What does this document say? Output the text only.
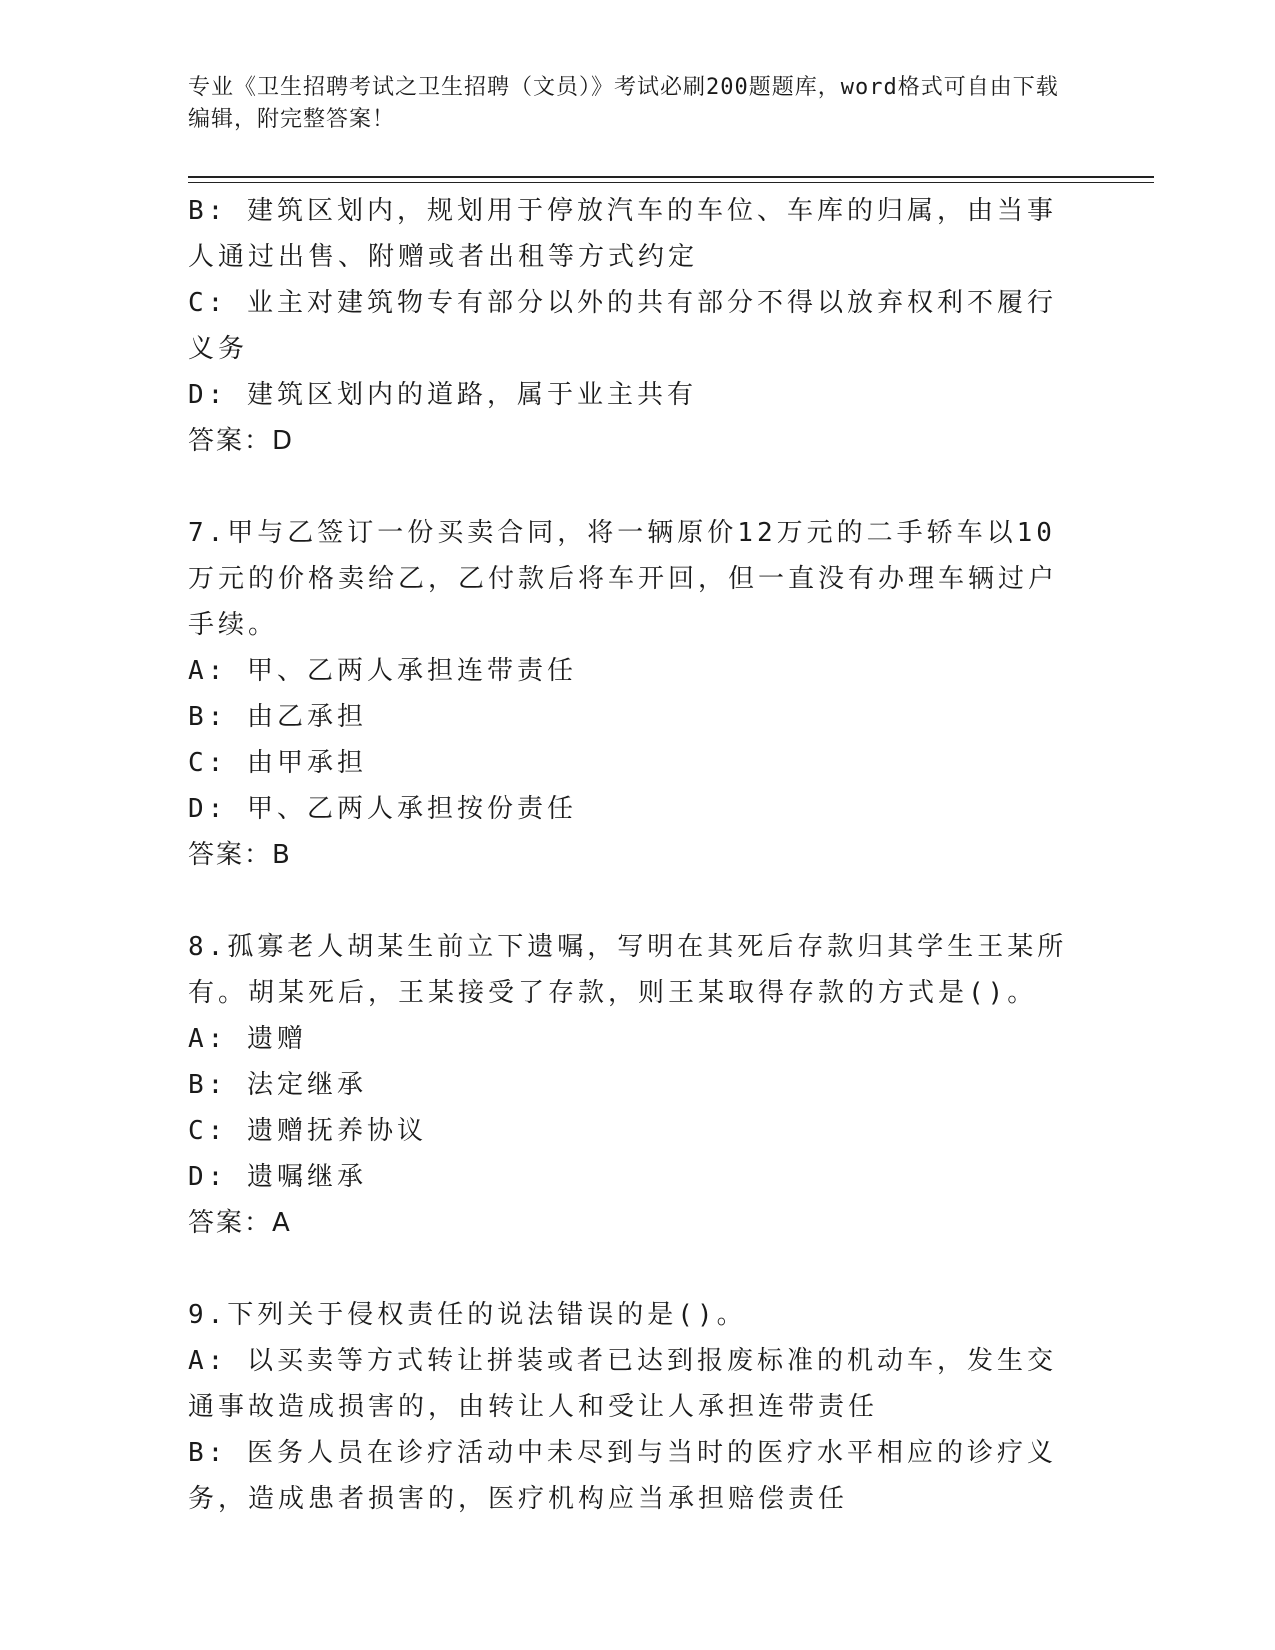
专业《卫生招聘考试之卫生招聘（文员）》考试必刷200题题库，word格式可自由下载编辑，附完整答案！
B: 建筑区划内，规划用于停放汽车的车位、车库的归属，由当事人通过出售、附赠或者出租等方式约定
C: 业主对建筑物专有部分以外的共有部分不得以放弃权利不履行义务
D: 建筑区划内的道路，属于业主共有
答案：D
7.甲与乙签订一份买卖合同，将一辆原价12万元的二手轿车以10万元的价格卖给乙，乙付款后将车开回，但一直没有办理车辆过户手续。
A: 甲、乙两人承担连带责任
B: 由乙承担
C: 由甲承担
D: 甲、乙两人承担按份责任
答案：B
8.孤寡老人胡某生前立下遗嘱，写明在其死后存款归其学生王某所有。胡某死后，王某接受了存款，则王某取得存款的方式是()。
A: 遗赠
B: 法定继承
C: 遗赠抚养协议
D: 遗嘱继承
答案：A
9.下列关于侵权责任的说法错误的是()。
A: 以买卖等方式转让拼装或者已达到报废标准的机动车，发生交通事故造成损害的，由转让人和受让人承担连带责任
B: 医务人员在诊疗活动中未尽到与当时的医疗水平相应的诊疗义务，造成患者损害的，医疗机构应当承担赔偿责任
